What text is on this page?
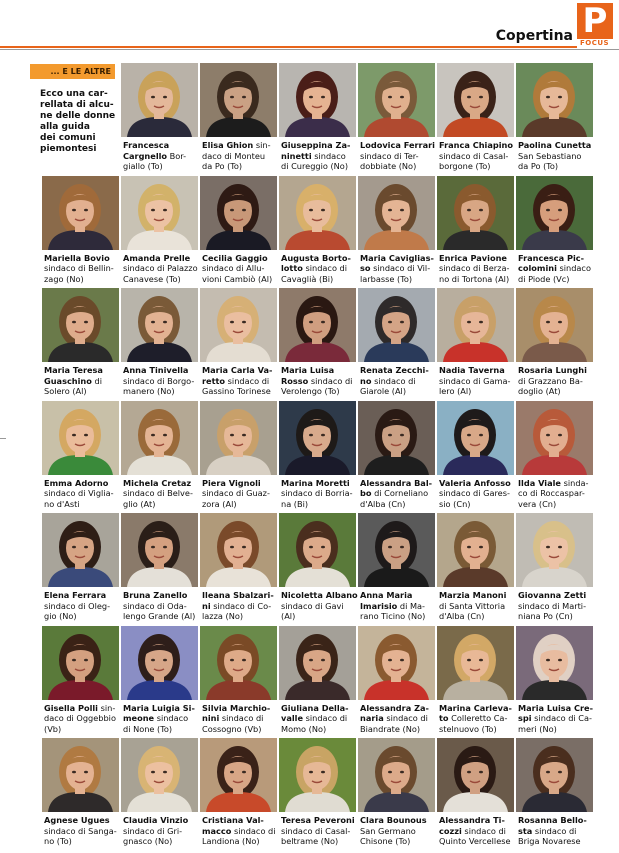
Copertina P
FOCUS
... E LE ALTRE
Ecco una car-
rellata di alcu-
ne delle donne
alla guida
dei comuni
piemontesi	Francesca
Cargnello Bor-
giallo (To)
Elisa Ghion sin-
daco di Monteu
da Po (To)
Giuseppina Za-
ninetti sindaco
di Cureggio (No)
Lodovica Ferrari
sindaco di Ter-
dobbiate (No)
Franca Chiapino
sindaco di Casal-
borgone (To)
Paolina Cunetta
San Sebastiano
da Po (To)
Mariella Bovio
sindaco di Bellin-
zago (No)
Amanda Prelle
sindaco di Palazzo
Canavese (To)
Cecilia Gaggio
sindaco di Allu-
vioni Cambiò (Al)
Augusta Borto-
lotto sindaco di
Cavaglià (Bi)
Maria Caviglias-
so sindaco di Vil-
larbasse (To)
Enrica Pavione
sindaco di Berza-
no di Tortona (Al)
Francesca Pic-
colomini sindaco
di Piode (Vc)
Maria Teresa
Guaschino di
Solero (Al)
Anna Tinivella
sindaco di Borgo-
manero (No)
Maria Carla Va-
retto sindaco di
Gassino Torinese
Maria Luisa
Rosso sindaco di
Verolengo (To)
Renata Zecchi-
no sindaco di
Giarole (Al)
Nadia Taverna
sindaco di Gama-
lero (Al)
Rosaria Lunghi
di Grazzano Ba-
doglio (At)
Emma Adorno
sindaco di Viglia-
no d'Asti
Michela Cretaz
sindaco di Belve-
glio (At)
Piera Vignoli
sindaco di Guaz-
zora (Al)
Marina Moretti
sindaco di Borria-
na (Bi)
Alessandra Bal-
bo di Corneliano
d'Alba (Cn)
Valeria Anfosso
sindaco di Gares-
sio (Cn)
Ilda Viale sinda-
co di Roccaspar-
vera (Cn)
Elena Ferrara
sindaco di Oleg-
gio (No)
Bruna Zanello
sindaco di Oda-
lengo Grande (Al)
Ileana Sbalzari-
ni sindaco di Co-
lazza (No)
Nicoletta Albano
sindaco di Gavi
(Al)
Anna Maria
Imarisio di Ma-
rano Ticino (No)
Marzia Manoni
di Santa Vittoria
d'Alba (Cn)
Giovanna Zetti
sindaco di Marti-
niana Po (Cn)
Gisella Polli sin-
daco di Oggebbio
(Vb)
Maria Luigia Si-
meone sindaco
di None (To)
Silvia Marchio-
nini sindaco di
Cossogno (Vb)
Giuliana Della-
valle sindaco di
Momo (No)
Alessandra Za-
naria sindaco di
Biandrate (No)
Marina Carleva-
to Colleretto Ca-
stelnuovo (To)
Maria Luisa Cre-
spi sindaco di Ca-
meri (No)
Agnese Ugues
sindaco di Sanga-
no (To)
Claudia Vinzio
sindaco di Gri-
gnasco (No)
Cristiana Val-
macco sindaco di
Landiona (No)
Teresa Peveroni
sindaco di Casal-
beltrame (No)
Clara Bounous
San Germano
Chisone (To)
Alessandra Ti-
cozzi sindaco di
Quinto Vercellese
Rosanna Bello-
sta sindaco di
Briga Novarese
